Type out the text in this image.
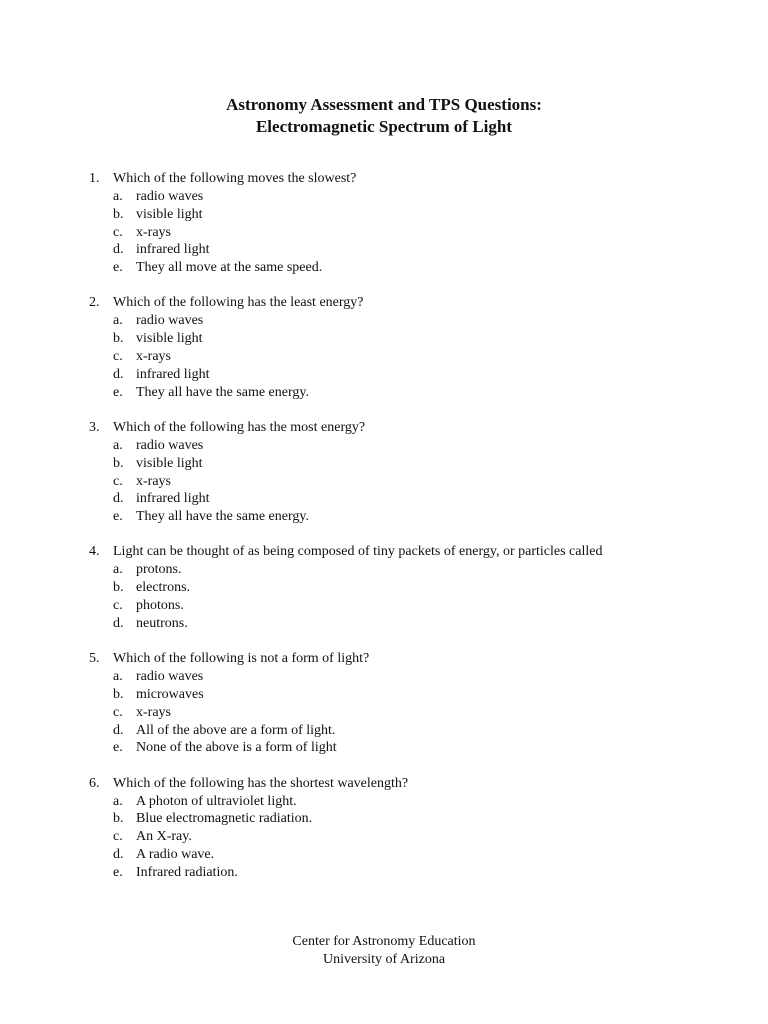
Astronomy Assessment and TPS Questions:
Electromagnetic Spectrum of Light
1. Which of the following moves the slowest?
a. radio waves
b. visible light
c. x-rays
d. infrared light
e. They all move at the same speed.
2. Which of the following has the least energy?
a. radio waves
b. visible light
c. x-rays
d. infrared light
e. They all have the same energy.
3. Which of the following has the most energy?
a. radio waves
b. visible light
c. x-rays
d. infrared light
e. They all have the same energy.
4. Light can be thought of as being composed of tiny packets of energy, or particles called
a. protons.
b. electrons.
c. photons.
d. neutrons.
5. Which of the following is not a form of light?
a. radio waves
b. microwaves
c. x-rays
d. All of the above are a form of light.
e. None of the above is a form of light
6. Which of the following has the shortest wavelength?
a. A photon of ultraviolet light.
b. Blue electromagnetic radiation.
c. An X-ray.
d. A radio wave.
e. Infrared radiation.
Center for Astronomy Education
University of Arizona
